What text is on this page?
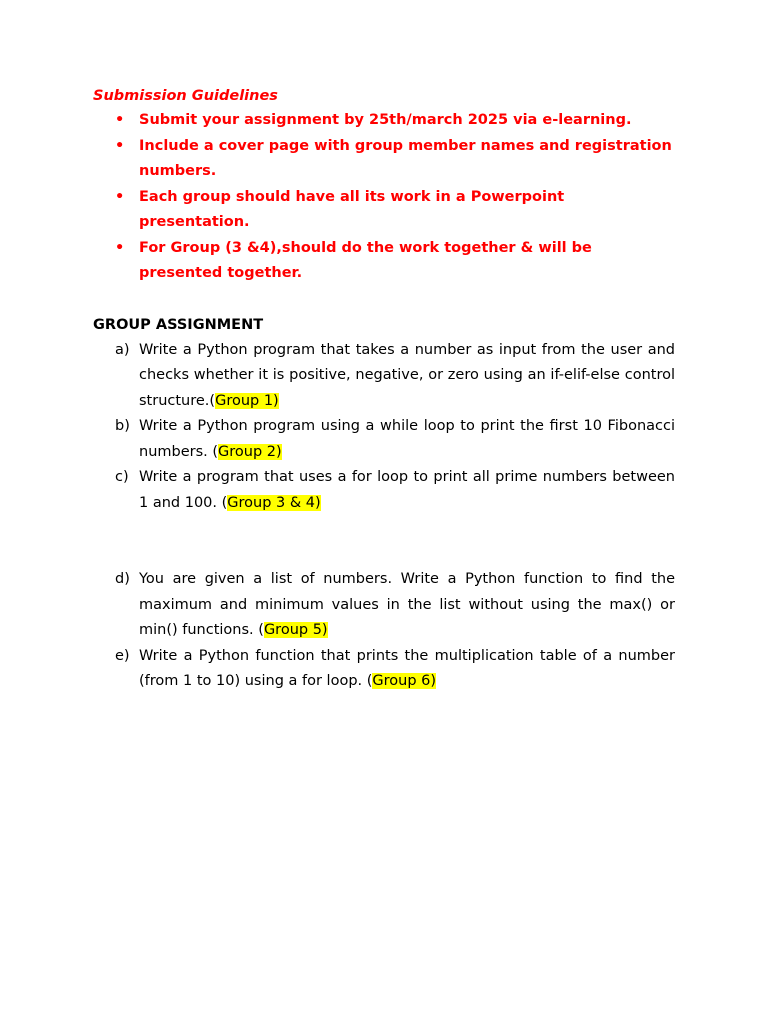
Submission Guidelines
• Submit your assignment by 25th/march 2025 via e-learning.
• Include a cover page with group member names and registration numbers.
• Each group should have all its work in a Powerpoint presentation.
• For Group (3 &4),should do the work together & will be presented together.
GROUP ASSIGNMENT
a) Write a Python program that takes a number as input from the user and checks whether it is positive, negative, or zero using an if-elif-else control structure.(Group 1)
b) Write a Python program using a while loop to print the first 10 Fibonacci numbers. (Group 2)
c) Write a program that uses a for loop to print all prime numbers between 1 and 100. (Group 3 & 4)
d) You are given a list of numbers. Write a Python function to find the maximum and minimum values in the list without using the max() or min() functions. (Group 5)
e) Write a Python function that prints the multiplication table of a number (from 1 to 10) using a for loop. (Group 6)
